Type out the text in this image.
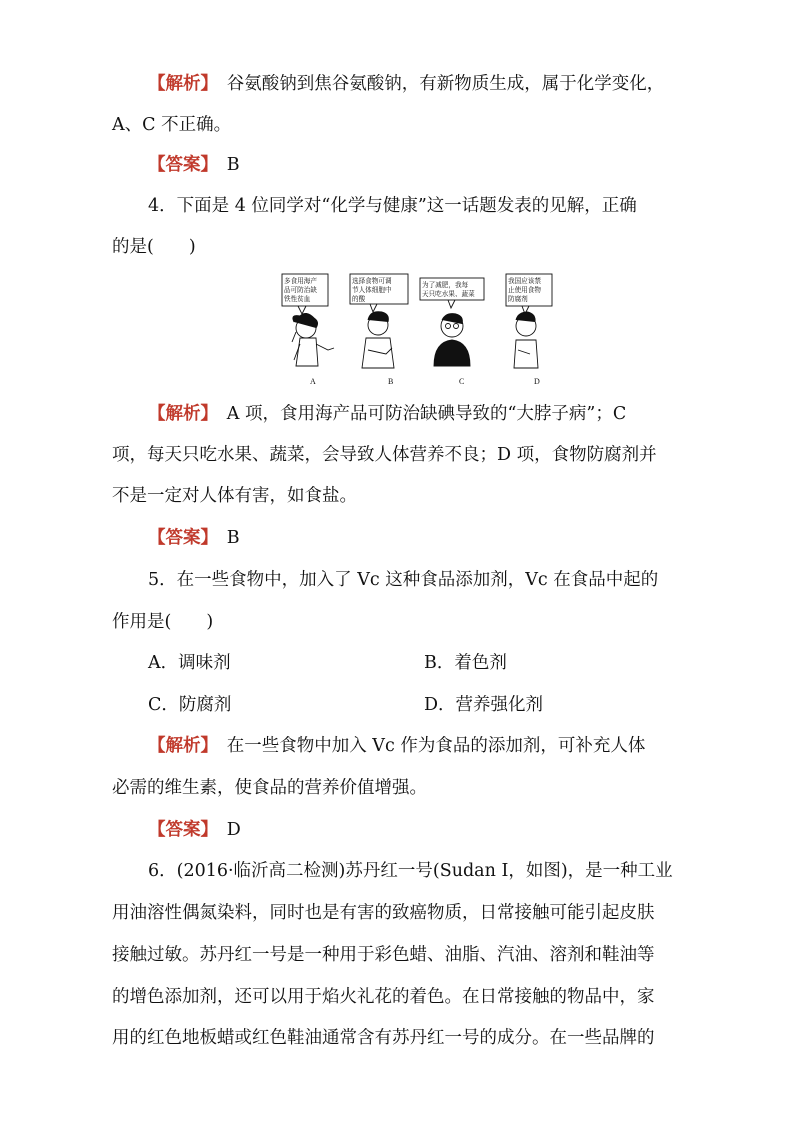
【解析】　谷氨酸钠到焦谷氨酸钠，有新物质生成，属于化学变化，
A、C 不正确。
【答案】　B
4．下面是 4 位同学对“化学与健康”这一话题发表的见解，正确
的是(　　)
多食用海产品可防治缺铁性贫血
选择食物可调节人体细胞中的酸
为了减肥，我每天只吃水果、蔬菜
我国应该禁止使用食物防腐剂
A	B	C	D
【解析】　A 项，食用海产品可防治缺碘导致的“大脖子病”；C
项，每天只吃水果、蔬菜，会导致人体营养不良；D 项，食物防腐剂并
不是一定对人体有害，如食盐。
【答案】　B
5．在一些食物中，加入了 Vc 这种食品添加剂，Vc 在食品中起的
作用是(　　)
A．调味剂	B．着色剂
C．防腐剂	D．营养强化剂
【解析】　在一些食物中加入 Vc 作为食品的添加剂，可补充人体
必需的维生素，使食品的营养价值增强。
【答案】　D
6．(2016·临沂高二检测)苏丹红一号(Sudan Ⅰ，如图)，是一种工业
用油溶性偶氮染料，同时也是有害的致癌物质，日常接触可能引起皮肤
接触过敏。苏丹红一号是一种用于彩色蜡、油脂、汽油、溶剂和鞋油等
的增色添加剂，还可以用于焰火礼花的着色。在日常接触的物品中，家
用的红色地板蜡或红色鞋油通常含有苏丹红一号的成分。在一些品牌的
